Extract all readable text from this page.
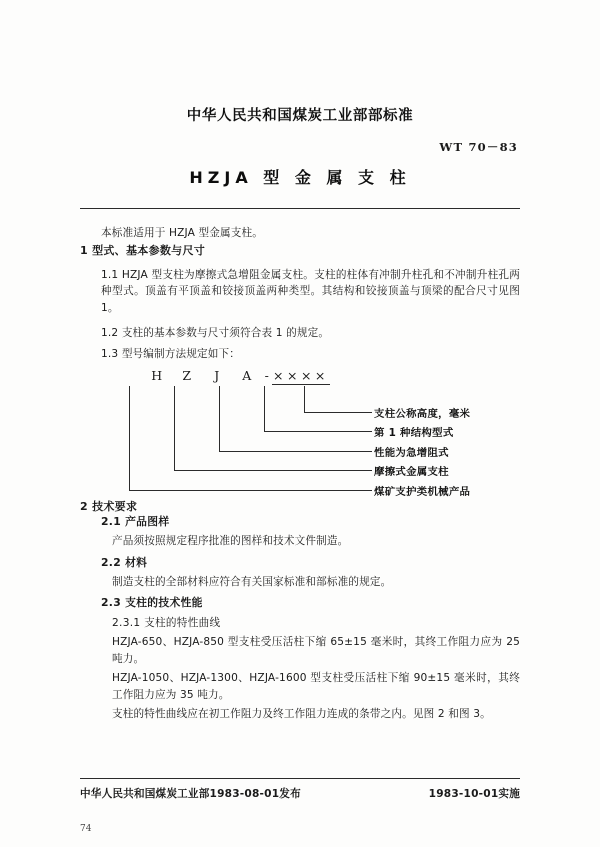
中华人民共和国煤炭工业部部标准
WT 70－83
HZJA 型 金 属 支 柱

本标准适用于 HZJA 型金属支柱。

1 型式、基本参数与尺寸

1.1 HZJA 型支柱为摩擦式急增阻金属支柱。支柱的柱体有冲制升柱孔和不冲制升柱孔两种型式。顶盖有平顶盖和铰接顶盖两种类型。其结构和铰接顶盖与顶梁的配合尺寸见图 1。

1.2 支柱的基本参数与尺寸须符合表 1 的规定。

1.3 型号编制方法规定如下：

H Z J A - ××××
支柱公称高度，毫米
第 1 种结构型式
性能为急增阻式
摩擦式金属支柱
煤矿支护类机械产品

2 技术要求

2.1 产品图样

产品须按照规定程序批准的图样和技术文件制造。

2.2 材料

制造支柱的全部材料应符合有关国家标准和部标准的规定。

2.3 支柱的技术性能

2.3.1 支柱的特性曲线

HZJA-650、HZJA-850 型支柱受压活柱下缩 65±15 毫米时，其终工作阻力应为 25 吨力。

HZJA-1050、HZJA-1300、HZJA-1600 型支柱受压活柱下缩 90±15 毫米时，其终工作阻力应为 35 吨力。

支柱的特性曲线应在初工作阻力及终工作阻力连成的条带之内。见图 2 和图 3。

中华人民共和国煤炭工业部1983-08-01发布	1983-10-01实施
74
